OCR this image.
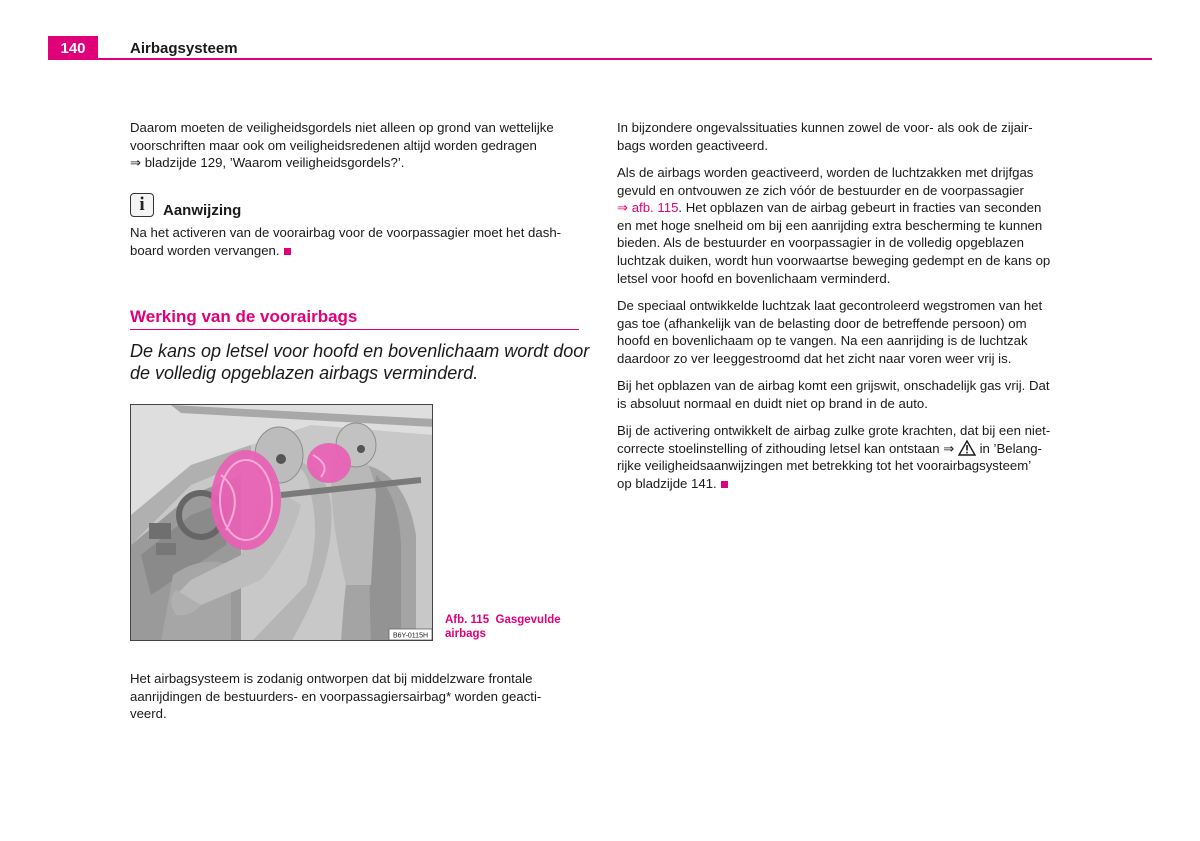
140	Airbagsysteem

Daarom moeten de veiligheidsgordels niet alleen op grond van wettelijke
voorschriften maar ook om veiligheidsredenen altijd worden gedragen
⇒ bladzijde 129, ’Waarom veiligheidsgordels?’.

i	Aanwijzing

Na het activeren van de voorairbag voor de voorpassagier moet het dash-
board worden vervangen.

Werking van de voorairbags

De kans op letsel voor hoofd en bovenlichaam wordt door
de volledig opgeblazen airbags verminderd.

B6Y-0115H
Afb. 115 Gasgevulde
airbags

Het airbagsysteem is zodanig ontworpen dat bij middelzware frontale
aanrijdingen de bestuurders- en voorpassagiersairbag* worden geacti-
veerd.

In bijzondere ongevalssituaties kunnen zowel de voor- als ook de zijair-
bags worden geactiveerd.

Als de airbags worden geactiveerd, worden de luchtzakken met drijfgas
gevuld en ontvouwen ze zich vóór de bestuurder en de voorpassagier
⇒ afb. 115. Het opblazen van de airbag gebeurt in fracties van seconden
en met hoge snelheid om bij een aanrijding extra bescherming te kunnen
bieden. Als de bestuurder en voorpassagier in de volledig opgeblazen
luchtzak duiken, wordt hun voorwaartse beweging gedempt en de kans op
letsel voor hoofd en bovenlichaam verminderd.

De speciaal ontwikkelde luchtzak laat gecontroleerd wegstromen van het
gas toe (afhankelijk van de belasting door de betreffende persoon) om
hoofd en bovenlichaam op te vangen. Na een aanrijding is de luchtzak
daardoor zo ver leeggestroomd dat het zicht naar voren weer vrij is.

Bij het opblazen van de airbag komt een grijswit, onschadelijk gas vrij. Dat
is absoluut normaal en duidt niet op brand in de auto.

Bij de activering ontwikkelt de airbag zulke grote krachten, dat bij een niet-
correcte stoelinstelling of zithouding letsel kan ontstaan ⇒ in ’Belang-
rijke veiligheidsaanwijzingen met betrekking tot het voorairbagsysteem’
op bladzijde 141.
